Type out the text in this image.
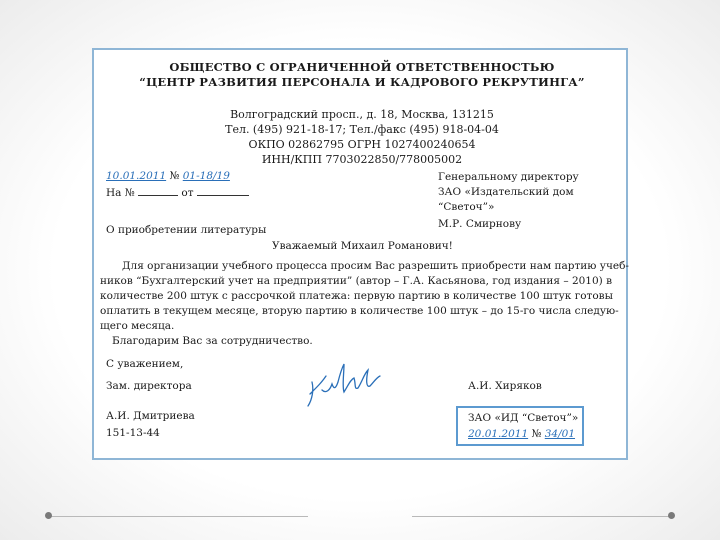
ОБЩЕСТВО С ОГРАНИЧЕННОЙ ОТВЕТСТВЕННОСТЬЮ
“ЦЕНТР РАЗВИТИЯ ПЕРСОНАЛА И КАДРОВОГО РЕКРУТИНГА”
Волгоградский просп., д. 18, Москва, 131215
Тел. (495) 921-18-17; Тел./факс (495) 918-04-04
ОКПО 02862795 ОГРН 1027400240654
ИНН/КПП 7703022850/778005002
10.01.2011 № 01-18/19
На №	от
Генеральному директору
ЗАО «Издательский дом
“Светоч”»
М.Р. Смирнову
О приобретении литературы
Уважаемый Михаил Романович!
Для организации учебного процесса просим Вас разрешить приобрести нам партию учеб-
ников “Бухгалтерский учет на предприятии” (автор – Г.А. Касьянова, год издания – 2010) в
количестве 200 штук с рассрочкой платежа: первую партию в количестве 100 штук готовы
оплатить в текущем месяце, вторую партию в количестве 100 штук – до 15-го числа следую-
щего месяца.
Благодарим Вас за сотрудничество.
С уважением,
Зам. директора	А.И. Хиряков
А.И. Дмитриева
151-13-44
ЗАО «ИД “Светоч”»
20.01.2011 № 34/01
